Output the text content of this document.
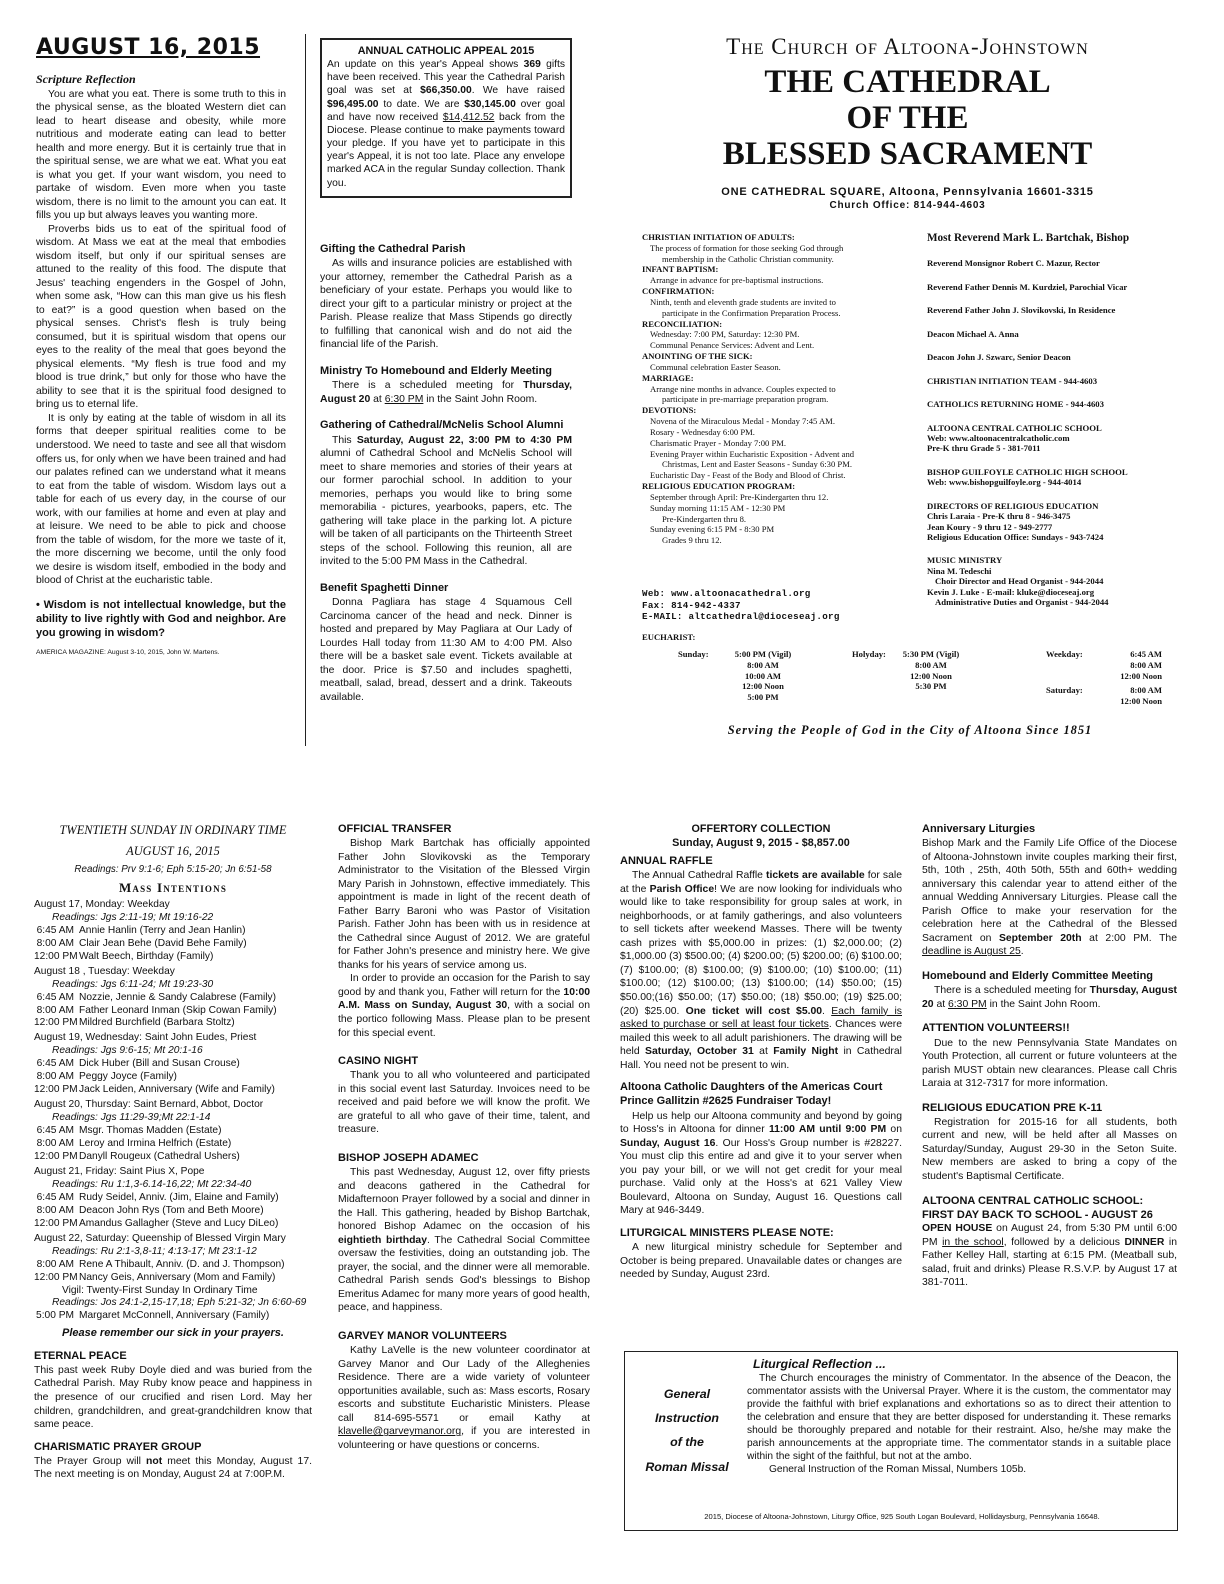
AUGUST 16, 2015
Scripture Reflection

You are what you eat. There is some truth to this in the physical sense, as the bloated Western diet can lead to heart disease and obesity, while more nutritious and moderate eating can lead to better health and more energy. But it is certainly true that in the spiritual sense, we are what we eat. What you eat is what you get. If your want wisdom, you need to partake of wisdom. Even more when you taste wisdom, there is no limit to the amount you can eat. It fills you up but always leaves you wanting more.

Proverbs bids us to eat of the spiritual food of wisdom. At Mass we eat at the meal that embodies wisdom itself, but only if our spiritual senses are attuned to the reality of this food. The dispute that Jesus' teaching engenders in the Gospel of John, when some ask, “How can this man give us his flesh to eat?” is a good question when based on the physical senses. Christ's flesh is truly being consumed, but it is spiritual wisdom that opens our eyes to the reality of the meal that goes beyond the physical elements. “My flesh is true food and my blood is true drink,” but only for those who have the ability to see that it is the spiritual food designed to bring us to eternal life.

It is only by eating at the table of wisdom in all its forms that deeper spiritual realities come to be understood. We need to taste and see all that wisdom offers us, for only when we have been trained and had our palates refined can we understand what it means to eat from the table of wisdom. Wisdom lays out a table for each of us every day, in the course of our work, with our families at home and even at play and at leisure. We need to be able to pick and choose from the table of wisdom, for the more we taste of it, the more discerning we become, until the only food we desire is wisdom itself, embodied in the body and blood of Christ at the eucharistic table.

• Wisdom is not intellectual knowledge, but the ability to live rightly with God and neighbor. Are you growing in wisdom?

AMERICA MAGAZINE: August 3-10, 2015, John W. Martens.
ANNUAL CATHOLIC APPEAL 2015

An update on this year's Appeal shows 369 gifts have been received. This year the Cathedral Parish goal was set at $66,350.00. We have raised $96,495.00 to date. We are $30,145.00 over goal and have now received $14,412.52 back from the Diocese. Please continue to make payments toward your pledge. If you have yet to participate in this year's Appeal, it is not too late. Place any envelope marked ACA in the regular Sunday collection. Thank you.

Gifting the Cathedral Parish

As wills and insurance policies are established with your attorney, remember the Cathedral Parish as a beneficiary of your estate. Perhaps you would like to direct your gift to a particular ministry or project at the Parish. Please realize that Mass Stipends go directly to fulfilling that canonical wish and do not aid the financial life of the Parish.

Ministry To Homebound and Elderly Meeting

There is a scheduled meeting for Thursday, August 20 at 6:30 PM in the Saint John Room.

Gathering of Cathedral/McNelis School Alumni

This Saturday, August 22, 3:00 PM to 4:30 PM alumni of Cathedral School and McNelis School will meet to share memories and stories of their years at our former parochial school. In addition to your memories, perhaps you would like to bring some memorabilia - pictures, yearbooks, papers, etc. The gathering will take place in the parking lot. A picture will be taken of all participants on the Thirteenth Street steps of the school. Following this reunion, all are invited to the 5:00 PM Mass in the Cathedral.

Benefit Spaghetti Dinner

Donna Pagliara has stage 4 Squamous Cell Carcinoma cancer of the head and neck. Dinner is hosted and prepared by May Pagliara at Our Lady of Lourdes Hall today from 11:30 AM to 4:00 PM. Also there will be a basket sale event. Tickets available at the door. Price is $7.50 and includes spaghetti, meatball, salad, bread, dessert and a drink. Takeouts available.

The Church of Altoona-Johnstown
THE CATHEDRAL
OF THE
BLESSED SACRAMENT
ONE CATHEDRAL SQUARE, Altoona, Pennsylvania 16601-3315
Church Office: 814-944-4603
CHRISTIAN INITIATION OF ADULTS:
The process of formation for those seeking God through
membership in the Catholic Christian community.
INFANT BAPTISM:
Arrange in advance for pre-baptismal instructions.
CONFIRMATION:
Ninth, tenth and eleventh grade students are invited to
participate in the Confirmation Preparation Process.
RECONCILIATION:
Wednesday: 7:00 PM, Saturday: 12:30 PM.
Communal Penance Services: Advent and Lent.
ANOINTING OF THE SICK:
Communal celebration Easter Season.
MARRIAGE:
Arrange nine months in advance. Couples expected to
participate in pre-marriage preparation program.
DEVOTIONS:
Novena of the Miraculous Medal - Monday 7:45 AM.
Rosary - Wednesday 6:00 PM.
Charismatic Prayer - Monday 7:00 PM.
Evening Prayer within Eucharistic Exposition - Advent and
Christmas, Lent and Easter Seasons - Sunday 6:30 PM.
Eucharistic Day - Feast of the Body and Blood of Christ.
RELIGIOUS EDUCATION PROGRAM:
September through April: Pre-Kindergarten thru 12.
Sunday morning 11:15 AM - 12:30 PM
Pre-Kindergarten thru 8.
Sunday evening 6:15 PM - 8:30 PM
Grades 9 thru 12.
Web: www.altoonacathedral.org
Fax: 814-942-4337
E-MAIL: altcathedral@dioceseaj.org
Most Reverend Mark L. Bartchak, Bishop
Reverend Monsignor Robert C. Mazur, Rector
Reverend Father Dennis M. Kurdziel, Parochial Vicar
Reverend Father John J. Slovikovski, In Residence
Deacon Michael A. Anna
Deacon John J. Szwarc, Senior Deacon
CHRISTIAN INITIATION TEAM - 944-4603
CATHOLICS RETURNING HOME - 944-4603
ALTOONA CENTRAL CATHOLIC SCHOOL
Web: www.altoonacentralcatholic.com
Pre-K thru Grade 5 - 381-7011
BISHOP GUILFOYLE CATHOLIC HIGH SCHOOL
Web: www.bishopguilfoyle.org - 944-4014
DIRECTORS OF RELIGIOUS EDUCATION
Chris Laraia - Pre-K thru 8 - 946-3475
Jean Koury - 9 thru 12 - 949-2777
Religious Education Office: Sundays - 943-7424
MUSIC MINISTRY
Nina M. Tedeschi
Choir Director and Head Organist - 944-2044
Kevin J. Luke - E-mail: kluke@dioceseaj.org
Administrative Duties and Organist - 944-2044
EUCHARIST:
Sunday:	5:00 PM (Vigil)
8:00 AM
10:00 AM
12:00 Noon
5:00 PM
Holyday:	5:30 PM (Vigil)
8:00 AM
12:00 Noon
5:30 PM
Weekday:	6:45 AM
8:00 AM
12:00 Noon
Saturday:	8:00 AM
12:00 Noon
Serving the People of God in the City of Altoona Since 1851
TWENTIETH SUNDAY IN ORDINARY TIME
AUGUST 16, 2015
Readings: Prv 9:1-6; Eph 5:15-20; Jn 6:51-58
Mass Intentions
August 17, Monday: Weekday
Readings: Jgs 2:11-19; Mt 19:16-22
6:45 AM Annie Hanlin (Terry and Jean Hanlin)
8:00 AM Clair Jean Behe (David Behe Family)
12:00 PMWalt Beech, Birthday (Family)
August 18 , Tuesday: Weekday
Readings: Jgs 6:11-24; Mt 19:23-30
6:45 AM Nozzie, Jennie & Sandy Calabrese (Family)
8:00 AM Father Leonard Inman (Skip Cowan Family)
12:00 PMMildred Burchfield (Barbara Stoltz)
August 19, Wednesday: Saint John Eudes, Priest
Readings: Jgs 9:6-15; Mt 20:1-16
6:45 AM Dick Huber (Bill and Susan Crouse)
8:00 AM Peggy Joyce (Family)
12:00 PMJack Leiden, Anniversary (Wife and Family)
August 20, Thursday: Saint Bernard, Abbot, Doctor
Readings: Jgs 11:29-39;Mt 22:1-14
6:45 AM Msgr. Thomas Madden (Estate)
8:00 AM Leroy and Irmina Helfrich (Estate)
12:00 PMDanyll Rougeux (Cathedral Ushers)
August 21, Friday: Saint Pius X, Pope
Readings: Ru 1:1,3-6.14-16,22; Mt 22:34-40
6:45 AM Rudy Seidel, Anniv. (Jim, Elaine and Family)
8:00 AM Deacon John Rys (Tom and Beth Moore)
12:00 PMAmandus Gallagher (Steve and Lucy DiLeo)
August 22, Saturday: Queenship of Blessed Virgin Mary
Readings: Ru 2:1-3,8-11; 4:13-17; Mt 23:1-12
8:00 AM Rene A Thibault, Anniv. (D. and J. Thompson)
12:00 PMNancy Geis, Anniversary (Mom and Family)
Vigil: Twenty-First Sunday In Ordinary Time
Readings: Jos 24:1-2,15-17,18; Eph 5:21-32; Jn 6:60-69
5:00 PM Margaret McConnell, Anniversary (Family)
Please remember our sick in your prayers.
ETERNAL PEACE

This past week Ruby Doyle died and was buried from the Cathedral Parish. May Ruby know peace and happiness in the presence of our crucified and risen Lord. May her children, grandchildren, and great-grandchildren know that same peace.

CHARISMATIC PRAYER GROUP

The Prayer Group will not meet this Monday, August 17. The next meeting is on Monday, August 24 at 7:00P.M.

OFFICIAL TRANSFER

Bishop Mark Bartchak has officially appointed Father John Slovikovski as the Temporary Administrator to the Visitation of the Blessed Virgin Mary Parish in Johnstown, effective immediately. This appointment is made in light of the recent death of Father Barry Baroni who was Pastor of Visitation Parish. Father John has been with us in residence at the Cathedral since August of 2012. We are grateful for Father John's presence and ministry here. We give thanks for his years of service among us.

In order to provide an occasion for the Parish to say good by and thank you, Father will return for the 10:00 A.M. Mass on Sunday, August 30, with a social on the portico following Mass. Please plan to be present for this special event.

CASINO NIGHT

Thank you to all who volunteered and participated in this social event last Saturday. Invoices need to be received and paid before we will know the profit. We are grateful to all who gave of their time, talent, and treasure.

BISHOP JOSEPH ADAMEC

This past Wednesday, August 12, over fifty priests and deacons gathered in the Cathedral for Midafternoon Prayer followed by a social and dinner in the Hall. This gathering, headed by Bishop Bartchak, honored Bishop Adamec on the occasion of his eightieth birthday. The Cathedral Social Committee oversaw the festivities, doing an outstanding job. The prayer, the social, and the dinner were all memorable. Cathedral Parish sends God's blessings to Bishop Emeritus Adamec for many more years of good health, peace, and happiness.

GARVEY MANOR VOLUNTEERS

Kathy LaVelle is the new volunteer coordinator at Garvey Manor and Our Lady of the Alleghenies Residence. There are a wide variety of volunteer opportunities available, such as: Mass escorts, Rosary escorts and substitute Eucharistic Ministers. Please call 814-695-5571 or email Kathy at klavelle@garveymanor.org, if you are interested in volunteering or have questions or concerns.

OFFERTORY COLLECTION
Sunday, August 9, 2015 - $8,857.00
ANNUAL RAFFLE

The Annual Cathedral Raffle tickets are available for sale at the Parish Office! We are now looking for individuals who would like to take responsibility for group sales at work, in neighborhoods, or at family gatherings, and also volunteers to sell tickets after weekend Masses. There will be twenty cash prizes with $5,000.00 in prizes: (1) $2,000.00; (2) $1,000.00 (3) $500.00; (4) $200.00; (5) $200.00; (6) $100.00; (7) $100.00; (8) $100.00; (9) $100.00; (10) $100.00; (11) $100.00; (12) $100.00; (13) $100.00; (14) $50.00; (15) $50.00;(16) $50.00; (17) $50.00; (18) $50.00; (19) $25.00; (20) $25.00. One ticket will cost $5.00. Each family is asked to purchase or sell at least four tickets. Chances were mailed this week to all adult parishioners. The drawing will be held Saturday, October 31 at Family Night in Cathedral Hall. You need not be present to win.

Altoona Catholic Daughters of the Americas Court Prince Gallitzin #2625 Fundraiser Today!

Help us help our Altoona community and beyond by going to Hoss's in Altoona for dinner 11:00 AM until 9:00 PM on Sunday, August 16. Our Hoss's Group number is #28227. You must clip this entire ad and give it to your server when you pay your bill, or we will not get credit for your meal purchase. Valid only at the Hoss's at 621 Valley View Boulevard, Altoona on Sunday, August 16. Questions call Mary at 946-3449.

LITURGICAL MINISTERS PLEASE NOTE:

A new liturgical ministry schedule for September and October is being prepared. Unavailable dates or changes are needed by Sunday, August 23rd.

Anniversary Liturgies

Bishop Mark and the Family Life Office of the Diocese of Altoona-Johnstown invite couples marking their first, 5th, 10th , 25th, 40th 50th, 55th and 60th+ wedding anniversary this calendar year to attend either of the annual Wedding Anniversary Liturgies. Please call the Parish Office to make your reservation for the celebration here at the Cathedral of the Blessed Sacrament on September 20th at 2:00 PM. The deadline is August 25.

Homebound and Elderly Committee Meeting

There is a scheduled meeting for Thursday, August 20 at 6:30 PM in the Saint John Room.

ATTENTION VOLUNTEERS!!

Due to the new Pennsylvania State Mandates on Youth Protection, all current or future volunteers at the parish MUST obtain new clearances. Please call Chris Laraia at 312-7317 for more information.

RELIGIOUS EDUCATION PRE K-11

Registration for 2015-16 for all students, both current and new, will be held after all Masses on Saturday/Sunday, August 29-30 in the Seton Suite. New members are asked to bring a copy of the student's Baptismal Certificate.

ALTOONA CENTRAL CATHOLIC SCHOOL:
FIRST DAY BACK TO SCHOOL - AUGUST 26

OPEN HOUSE on August 24, from 5:30 PM until 6:00 PM in the school, followed by a delicious DINNER in Father Kelley Hall, starting at 6:15 PM. (Meatball sub, salad, fruit and drinks) Please R.S.V.P. by August 17 at 381-7011.

General
Instruction
of the
Roman Missal
Liturgical Reflection ...

The Church encourages the ministry of Commentator. In the absence of the Deacon, the commentator assists with the Universal Prayer. Where it is the custom, the commentator may provide the faithful with brief explanations and exhortations so as to direct their attention to the celebration and ensure that they are better disposed for understanding it. These remarks should be thoroughly prepared and notable for their restraint. Also, he/she may make the parish announcements at the appropriate time. The commentator stands in a suitable place within the sight of the faithful, but not at the ambo.

General Instruction of the Roman Missal, Numbers 105b.
2015, Diocese of Altoona-Johnstown, Liturgy Office, 925 South Logan Boulevard, Hollidaysburg, Pennsylvania 16648.
